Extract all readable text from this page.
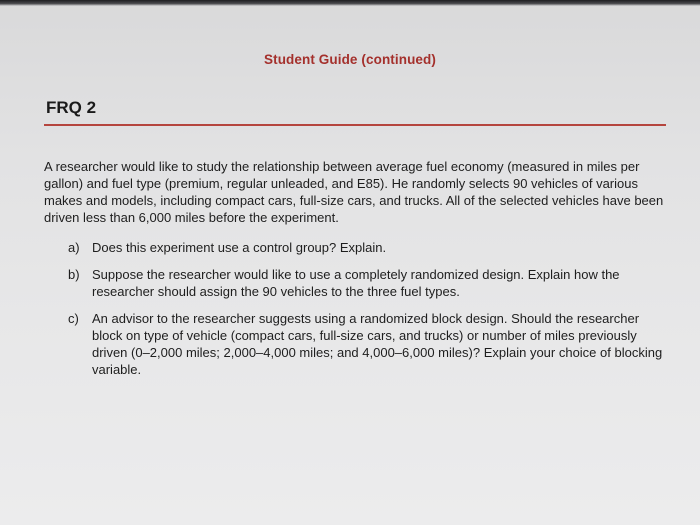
Student Guide (continued)
FRQ 2

A researcher would like to study the relationship between average fuel economy (measured in miles per gallon) and fuel type (premium, regular unleaded, and E85). He randomly selects 90 vehicles of various makes and models, including compact cars, full-size cars, and trucks. All of the selected vehicles have been driven less than 6,000 miles before the experiment.

a) Does this experiment use a control group? Explain.
b) Suppose the researcher would like to use a completely randomized design. Explain how the researcher should assign the 90 vehicles to the three fuel types.
c)	An advisor to the researcher suggests using a randomized block design. Should the researcher block on type of vehicle (compact cars, full-size cars, and trucks) or number of miles previously driven (0–2,000 miles; 2,000–4,000 miles; and 4,000–6,000 miles)? Explain your choice of blocking variable.
